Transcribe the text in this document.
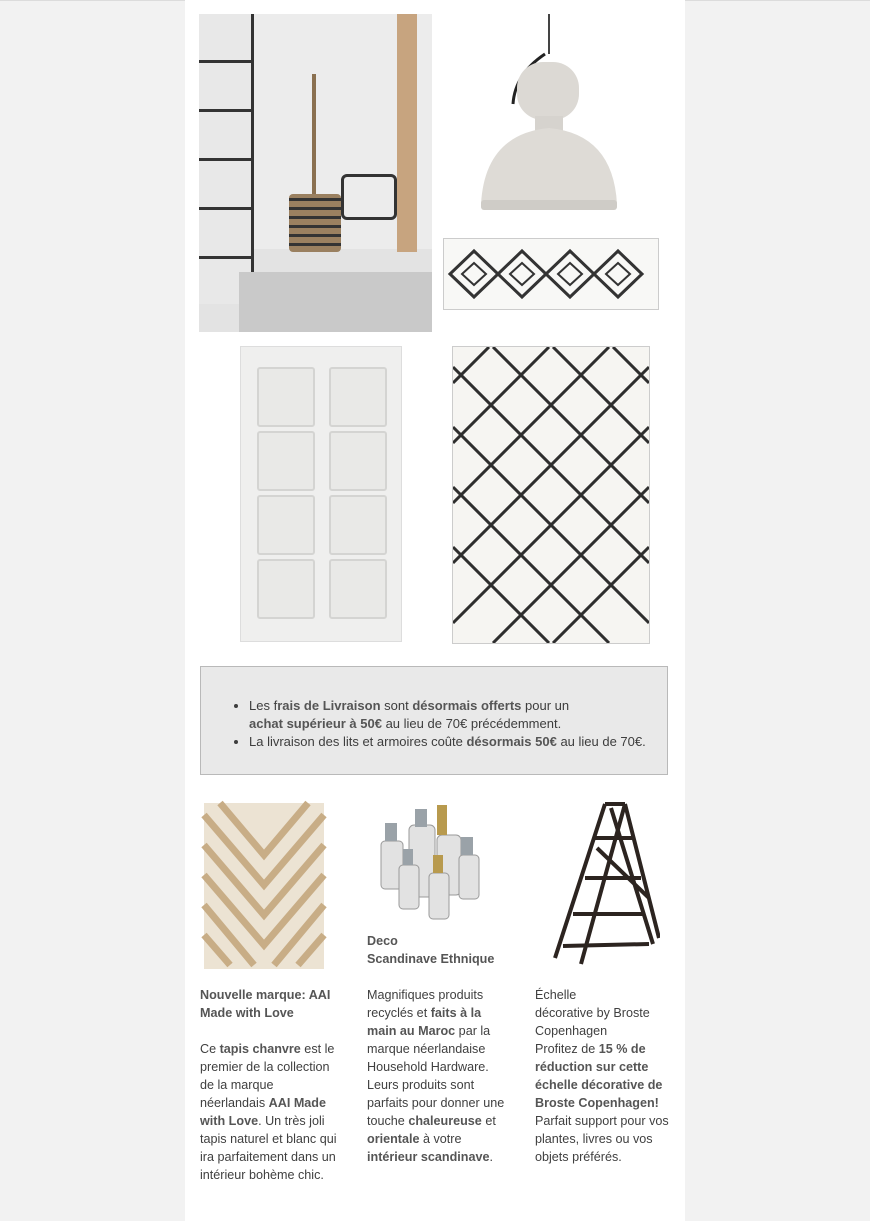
• Les frais de Livraison sont désormais offerts pour un
achat supérieur à 50€ au lieu de 70€ précédemment.
• La livraison des lits et armoires coûte désormais 50€ au lieu de 70€.

Nouvelle marque: AAI Made with Love

Ce tapis chanvre est le premier de la collection de la marque néerlandais AAI Made with Love. Un très joli tapis naturel et blanc qui ira parfaitement dans un intérieur bohème chic.

Deco
Scandinave Ethnique

Magnifiques produits recyclés et faits à la main au Maroc par la marque néerlandaise Household Hardware. Leurs produits sont parfaits pour donner une touche chaleureuse et orientale à votre intérieur scandinave.

Échelle
décorative by Broste Copenhagen

Profitez de 15 % de réduction sur cette échelle décorative de Broste Copenhagen! Parfait support pour vos plantes, livres ou vos objets préférés.
